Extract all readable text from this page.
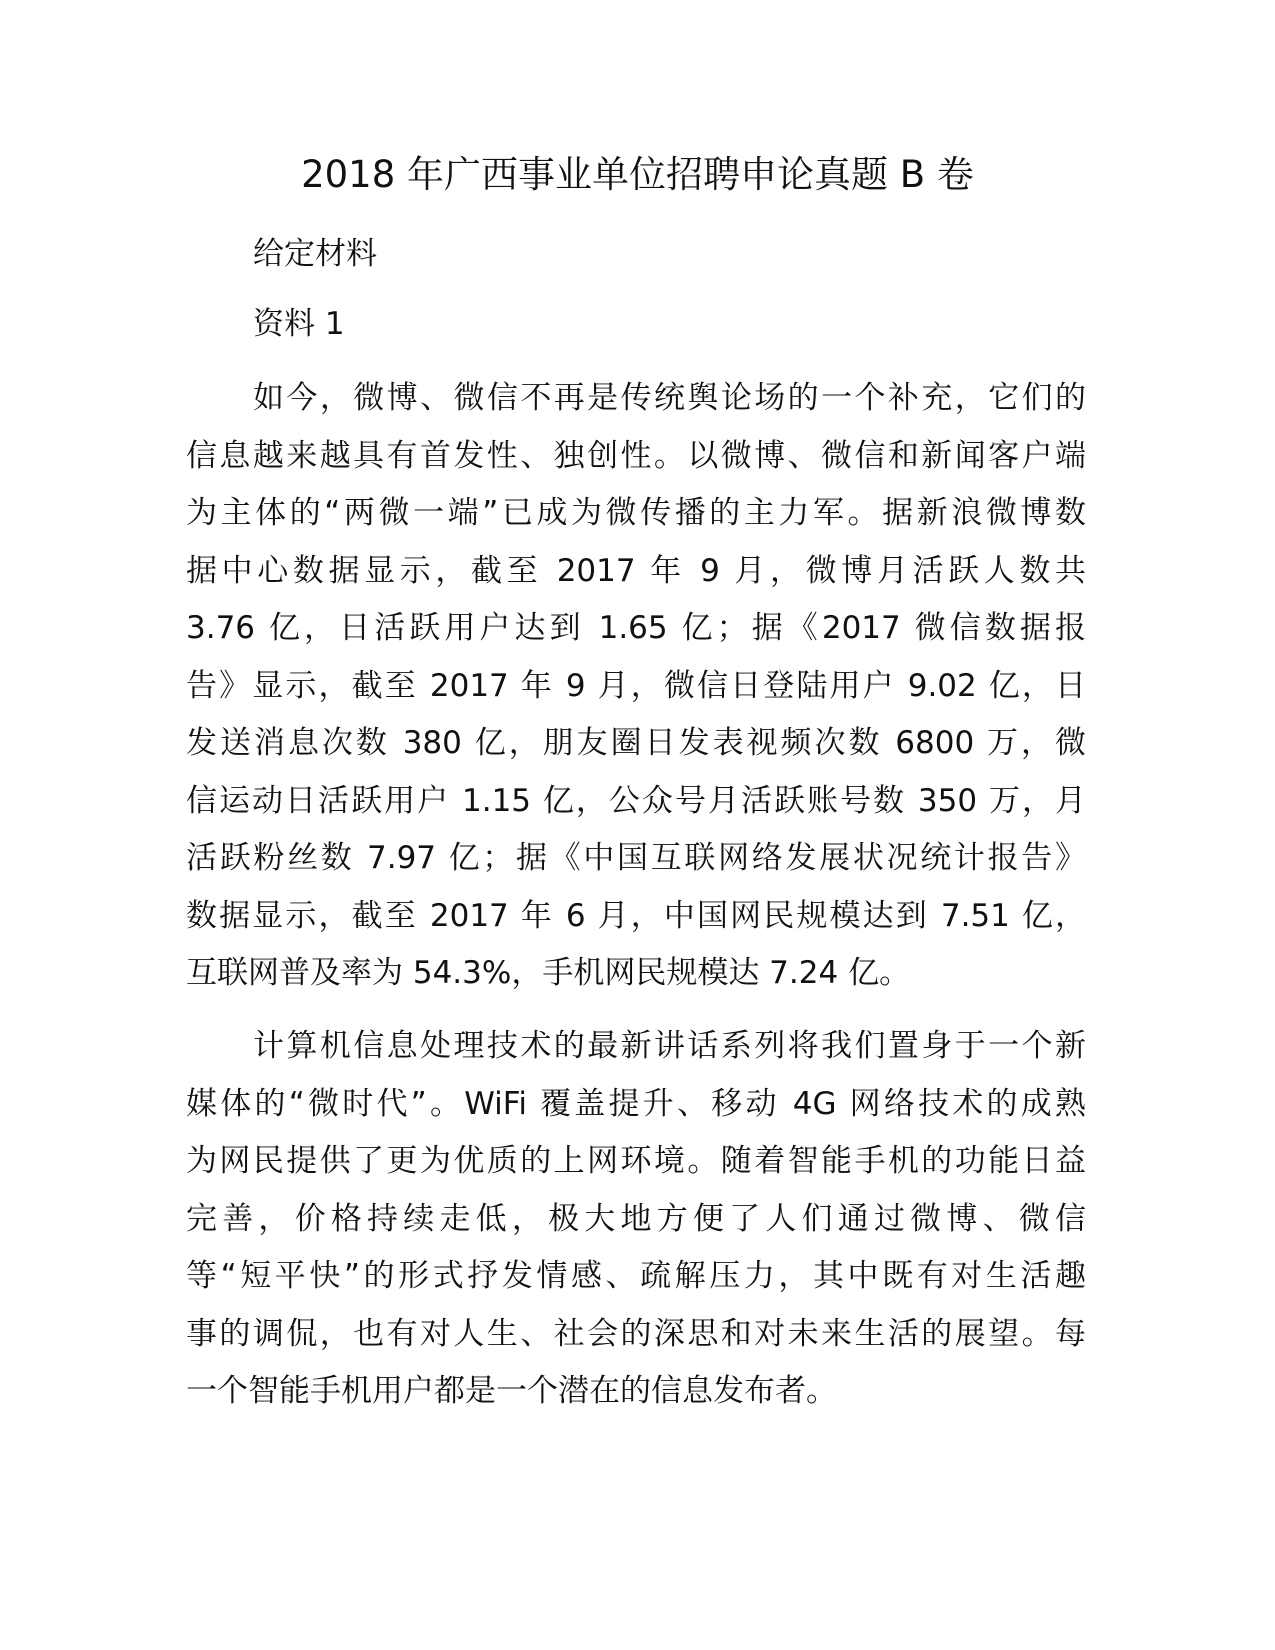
2018 年广西事业单位招聘申论真题 B 卷
给定材料
资料 1
如今，微博、微信不再是传统舆论场的一个补充，它们的
信息越来越具有首发性、独创性。以微博、微信和新闻客户端
为主体的“两微一端”已成为微传播的主力军。据新浪微博数
据中心数据显示，截至 2017 年 9 月，微博月活跃人数共
3.76 亿，日活跃用户达到 1.65 亿；据《2017 微信数据报
告》显示，截至 2017 年 9 月，微信日登陆用户 9.02 亿，日
发送消息次数 380 亿，朋友圈日发表视频次数 6800 万，微
信运动日活跃用户 1.15 亿，公众号月活跃账号数 350 万，月
活跃粉丝数 7.97 亿；据《中国互联网络发展状况统计报告》
数据显示，截至 2017 年 6 月，中国网民规模达到 7.51 亿，
互联网普及率为 54.3%，手机网民规模达 7.24 亿。
计算机信息处理技术的最新讲话系列将我们置身于一个新
媒体的“微时代”。WiFi 覆盖提升、移动 4G 网络技术的成熟
为网民提供了更为优质的上网环境。随着智能手机的功能日益
完善，价格持续走低，极大地方便了人们通过微博、微信
等“短平快”的形式抒发情感、疏解压力，其中既有对生活趣
事的调侃，也有对人生、社会的深思和对未来生活的展望。每
一个智能手机用户都是一个潜在的信息发布者。
